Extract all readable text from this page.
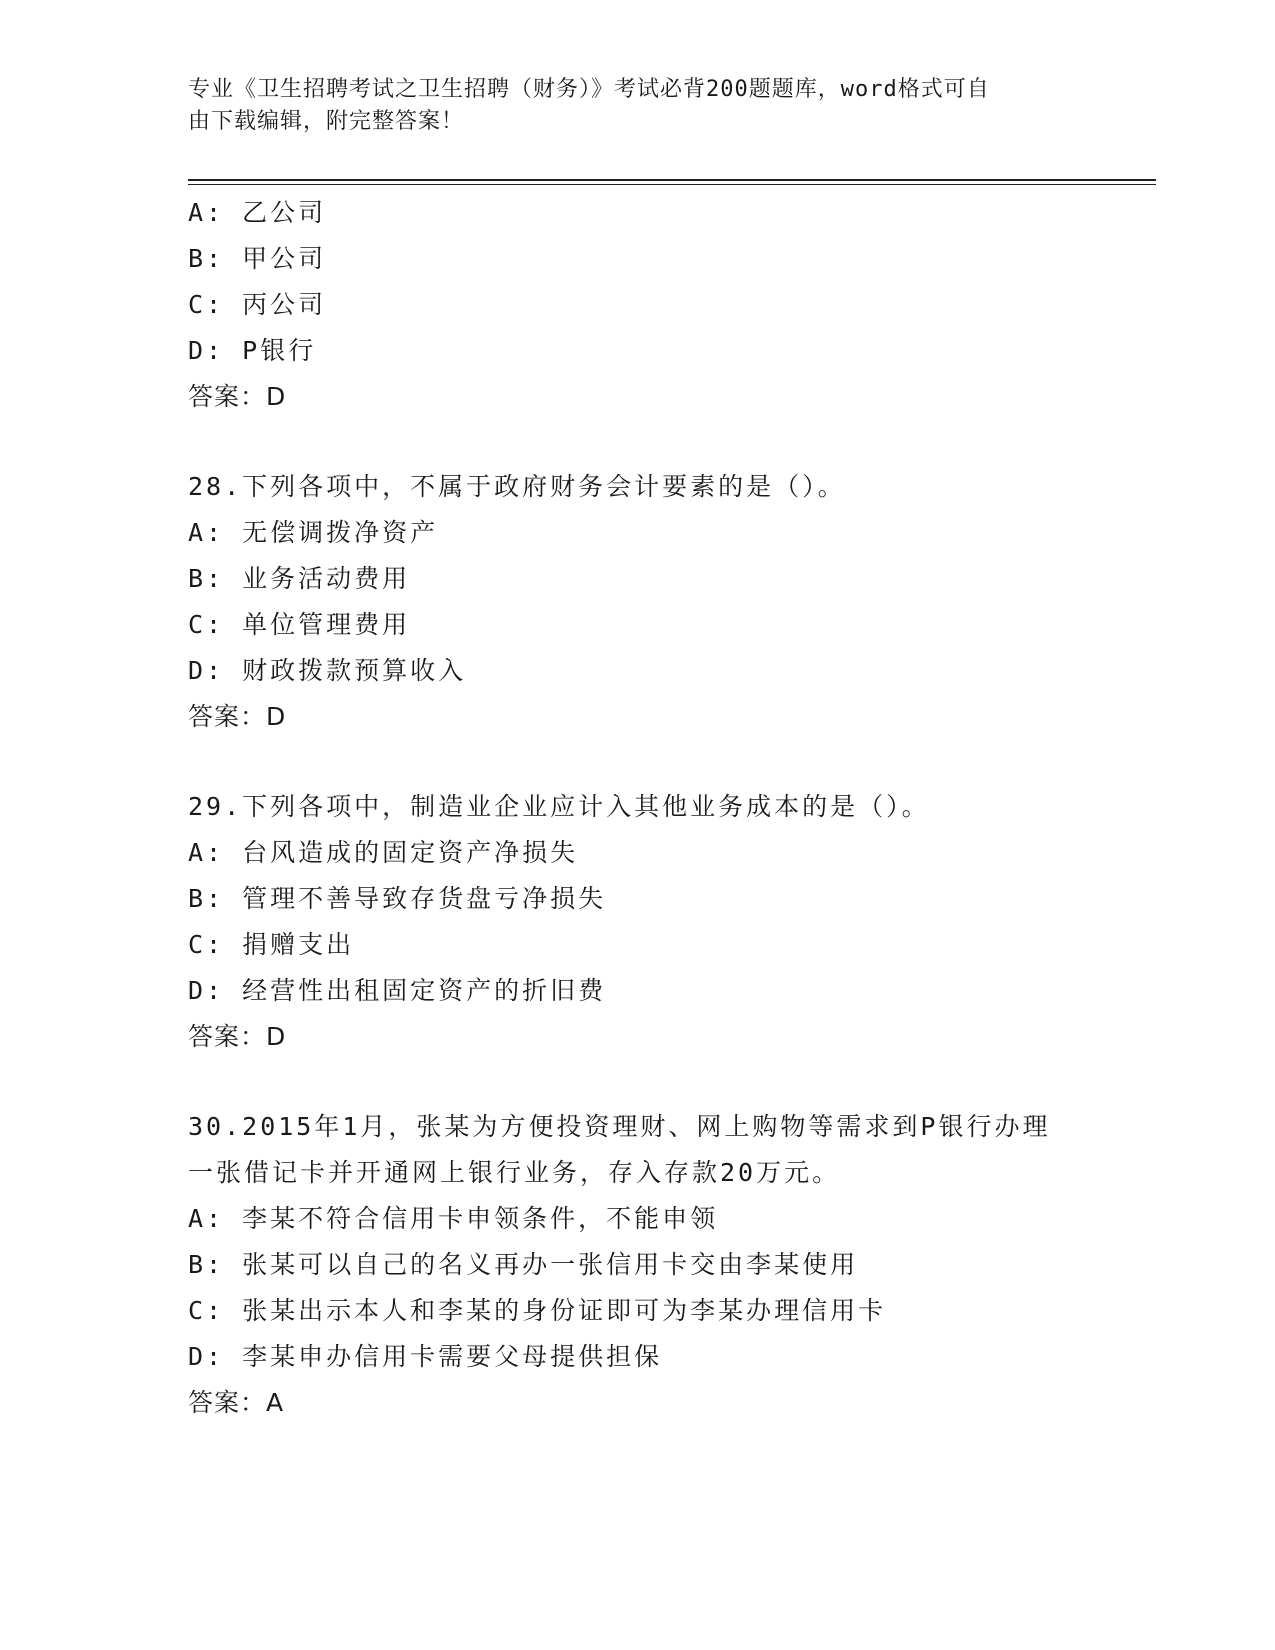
专业《卫生招聘考试之卫生招聘（财务）》考试必背200题题库，word格式可自
由下载编辑，附完整答案！
A: 乙公司
B: 甲公司
C: 丙公司
D: P银行
答案：D
28.下列各项中，不属于政府财务会计要素的是（）。
A: 无偿调拨净资产
B: 业务活动费用
C: 单位管理费用
D: 财政拨款预算收入
答案：D
29.下列各项中，制造业企业应计入其他业务成本的是（）。
A: 台风造成的固定资产净损失
B: 管理不善导致存货盘亏净损失
C: 捐赠支出
D: 经营性出租固定资产的折旧费
答案：D
30.2015年1月，张某为方便投资理财、网上购物等需求到P银行办理
一张借记卡并开通网上银行业务，存入存款20万元。
A: 李某不符合信用卡申领条件，不能申领
B: 张某可以自己的名义再办一张信用卡交由李某使用
C: 张某出示本人和李某的身份证即可为李某办理信用卡
D: 李某申办信用卡需要父母提供担保
答案：A
